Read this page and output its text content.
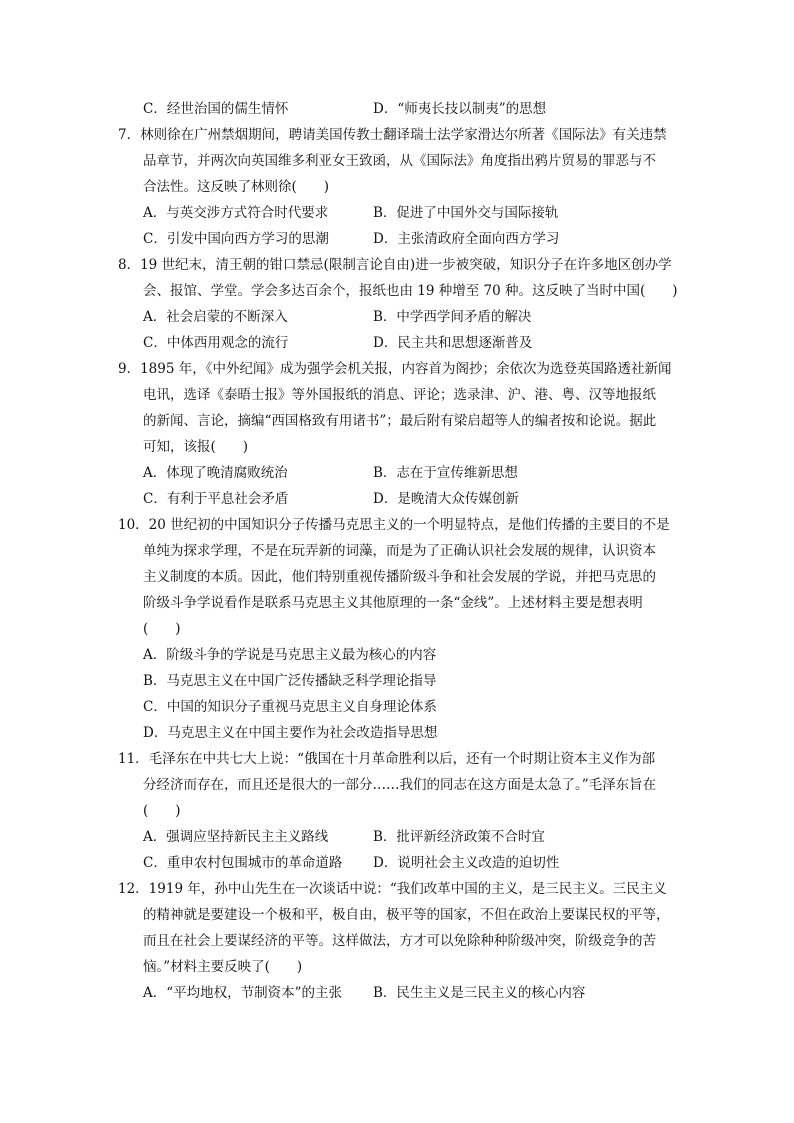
C．经世治国的儒生情怀	D．“师夷长技以制夷”的思想
7．林则徐在广州禁烟期间，聘请美国传教士翻译瑞士法学家滑达尔所著《国际法》有关违禁
品章节，并两次向英国维多利亚女王致函，从《国际法》角度指出鸦片贸易的罪恶与不
合法性。这反映了林则徐(　　)
A．与英交涉方式符合时代要求	B．促进了中国外交与国际接轨
C．引发中国向西方学习的思潮	D．主张清政府全面向西方学习
8．19 世纪末，清王朝的钳口禁忌(限制言论自由)进一步被突破，知识分子在许多地区创办学
会、报馆、学堂。学会多达百余个，报纸也由 19 种增至 70 种。这反映了当时中国(　　)
A．社会启蒙的不断深入	B．中学西学间矛盾的解决
C．中体西用观念的流行	D．民主共和思想逐渐普及
9．1895 年，《中外纪闻》成为强学会机关报，内容首为阁抄；余依次为选登英国路透社新闻
电讯，选译《泰晤士报》等外国报纸的消息、评论；选录津、沪、港、粤、汉等地报纸
的新闻、言论，摘编“西国格致有用诸书”；最后附有梁启超等人的编者按和论说。据此
可知，该报(　　)
A．体现了晚清腐败统治	B．志在于宣传维新思想
C．有利于平息社会矛盾	D．是晚清大众传媒创新
10．20 世纪初的中国知识分子传播马克思主义的一个明显特点，是他们传播的主要目的不是
单纯为探求学理，不是在玩弄新的词藻，而是为了正确认识社会发展的规律，认识资本
主义制度的本质。因此，他们特别重视传播阶级斗争和社会发展的学说，并把马克思的
阶级斗争学说看作是联系马克思主义其他原理的一条“金线”。上述材料主要是想表明
(　　)
A．阶级斗争的学说是马克思主义最为核心的内容
B．马克思主义在中国广泛传播缺乏科学理论指导
C．中国的知识分子重视马克思主义自身理论体系
D．马克思主义在中国主要作为社会改造指导思想
11．毛泽东在中共七大上说：“俄国在十月革命胜利以后，还有一个时期让资本主义作为部
分经济而存在，而且还是很大的一部分……我们的同志在这方面是太急了。”毛泽东旨在
(　　)
A．强调应坚持新民主主义路线	B．批评新经济政策不合时宜
C．重申农村包围城市的革命道路 D．说明社会主义改造的迫切性
12．1919 年，孙中山先生在一次谈话中说：“我们改革中国的主义，是三民主义。三民主义
的精神就是要建设一个极和平，极自由，极平等的国家，不但在政治上要谋民权的平等，
而且在社会上要谋经济的平等。这样做法，方才可以免除种种阶级冲突，阶级竞争的苦
恼。”材料主要反映了(　　)
A．“平均地权，节制资本”的主张 B．民生主义是三民主义的核心内容
